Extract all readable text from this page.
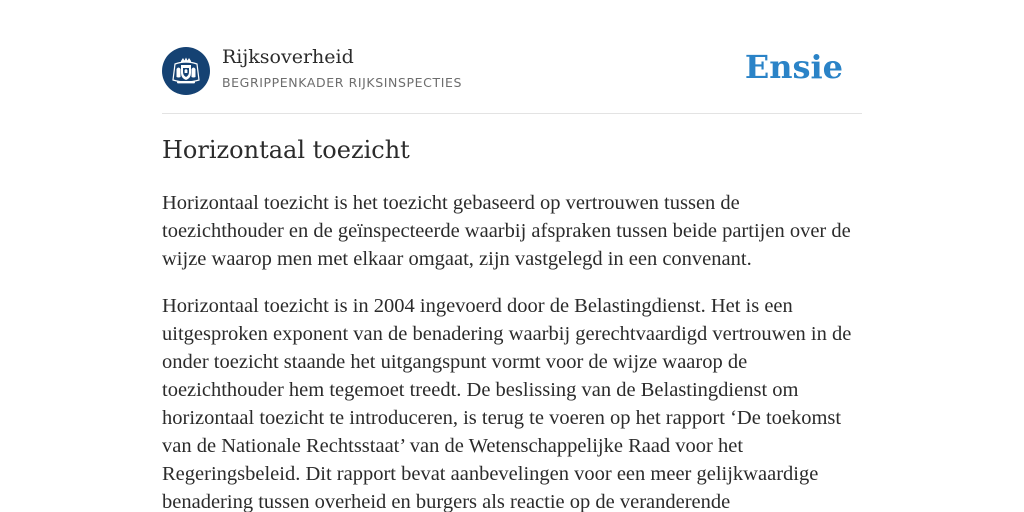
Rijksoverheid
BEGRIPPENKADER RIJKSINSPECTIES	Ensie
Horizontaal toezicht

Horizontaal toezicht is het toezicht gebaseerd op vertrouwen tussen de toezichthouder en de geïnspecteerde waarbij afspraken tussen beide partijen over de wijze waarop men met elkaar omgaat, zijn vastgelegd in een convenant.

Horizontaal toezicht is in 2004 ingevoerd door de Belastingdienst. Het is een uitgesproken exponent van de benadering waarbij gerechtvaardigd vertrouwen in de onder toezicht staande het uitgangspunt vormt voor de wijze waarop de toezichthouder hem tegemoet treedt. De beslissing van de Belastingdienst om horizontaal toezicht te introduceren, is terug te voeren op het rapport ‘De toekomst van de Nationale Rechtsstaat’ van de Wetenschappelijke Raad voor het Regeringsbeleid. Dit rapport bevat aanbevelingen voor een meer gelijkwaardige benadering tussen overheid en burgers als reactie op de veranderende
